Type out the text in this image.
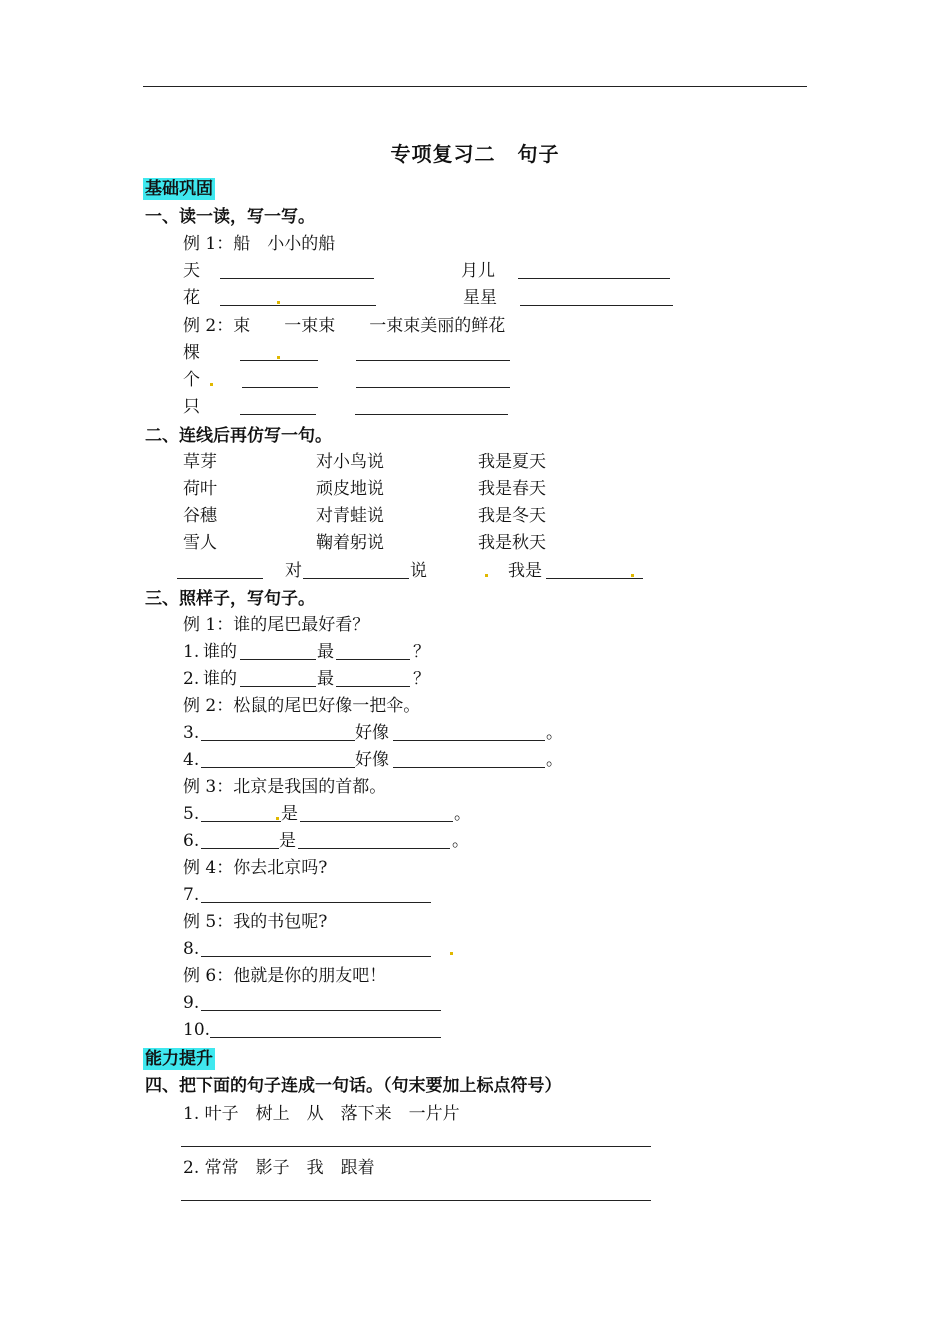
专项复习二 句子
基础巩固
一、读一读，写一写。
例 1：船　小小的船
天	月儿
花	星星
例 2：束　　一束束　　一束束美丽的鲜花
棵
个
只
二、连线后再仿写一句。
草芽	对小鸟说	我是夏天
荷叶	顽皮地说	我是春天
谷穗	对青蛙说	我是冬天
雪人	鞠着躬说	我是秋天
对	说	我是
三、照样子，写句子。
例 1：谁的尾巴最好看？
1. 谁的	最	？
2. 谁的	最	？
例 2：松鼠的尾巴好像一把伞。
3.	好像	。
4.	好像	。
例 3：北京是我国的首都。
5.	是	。
6.	是	。
例 4：你去北京吗?
7.
例 5：我的书包呢?
8.
例 6：他就是你的朋友吧！
9.
10.
能力提升
四、把下面的句子连成一句话。（句末要加上标点符号）
1. 叶子　树上　从　落下来　一片片
2. 常常　影子　我　跟着
